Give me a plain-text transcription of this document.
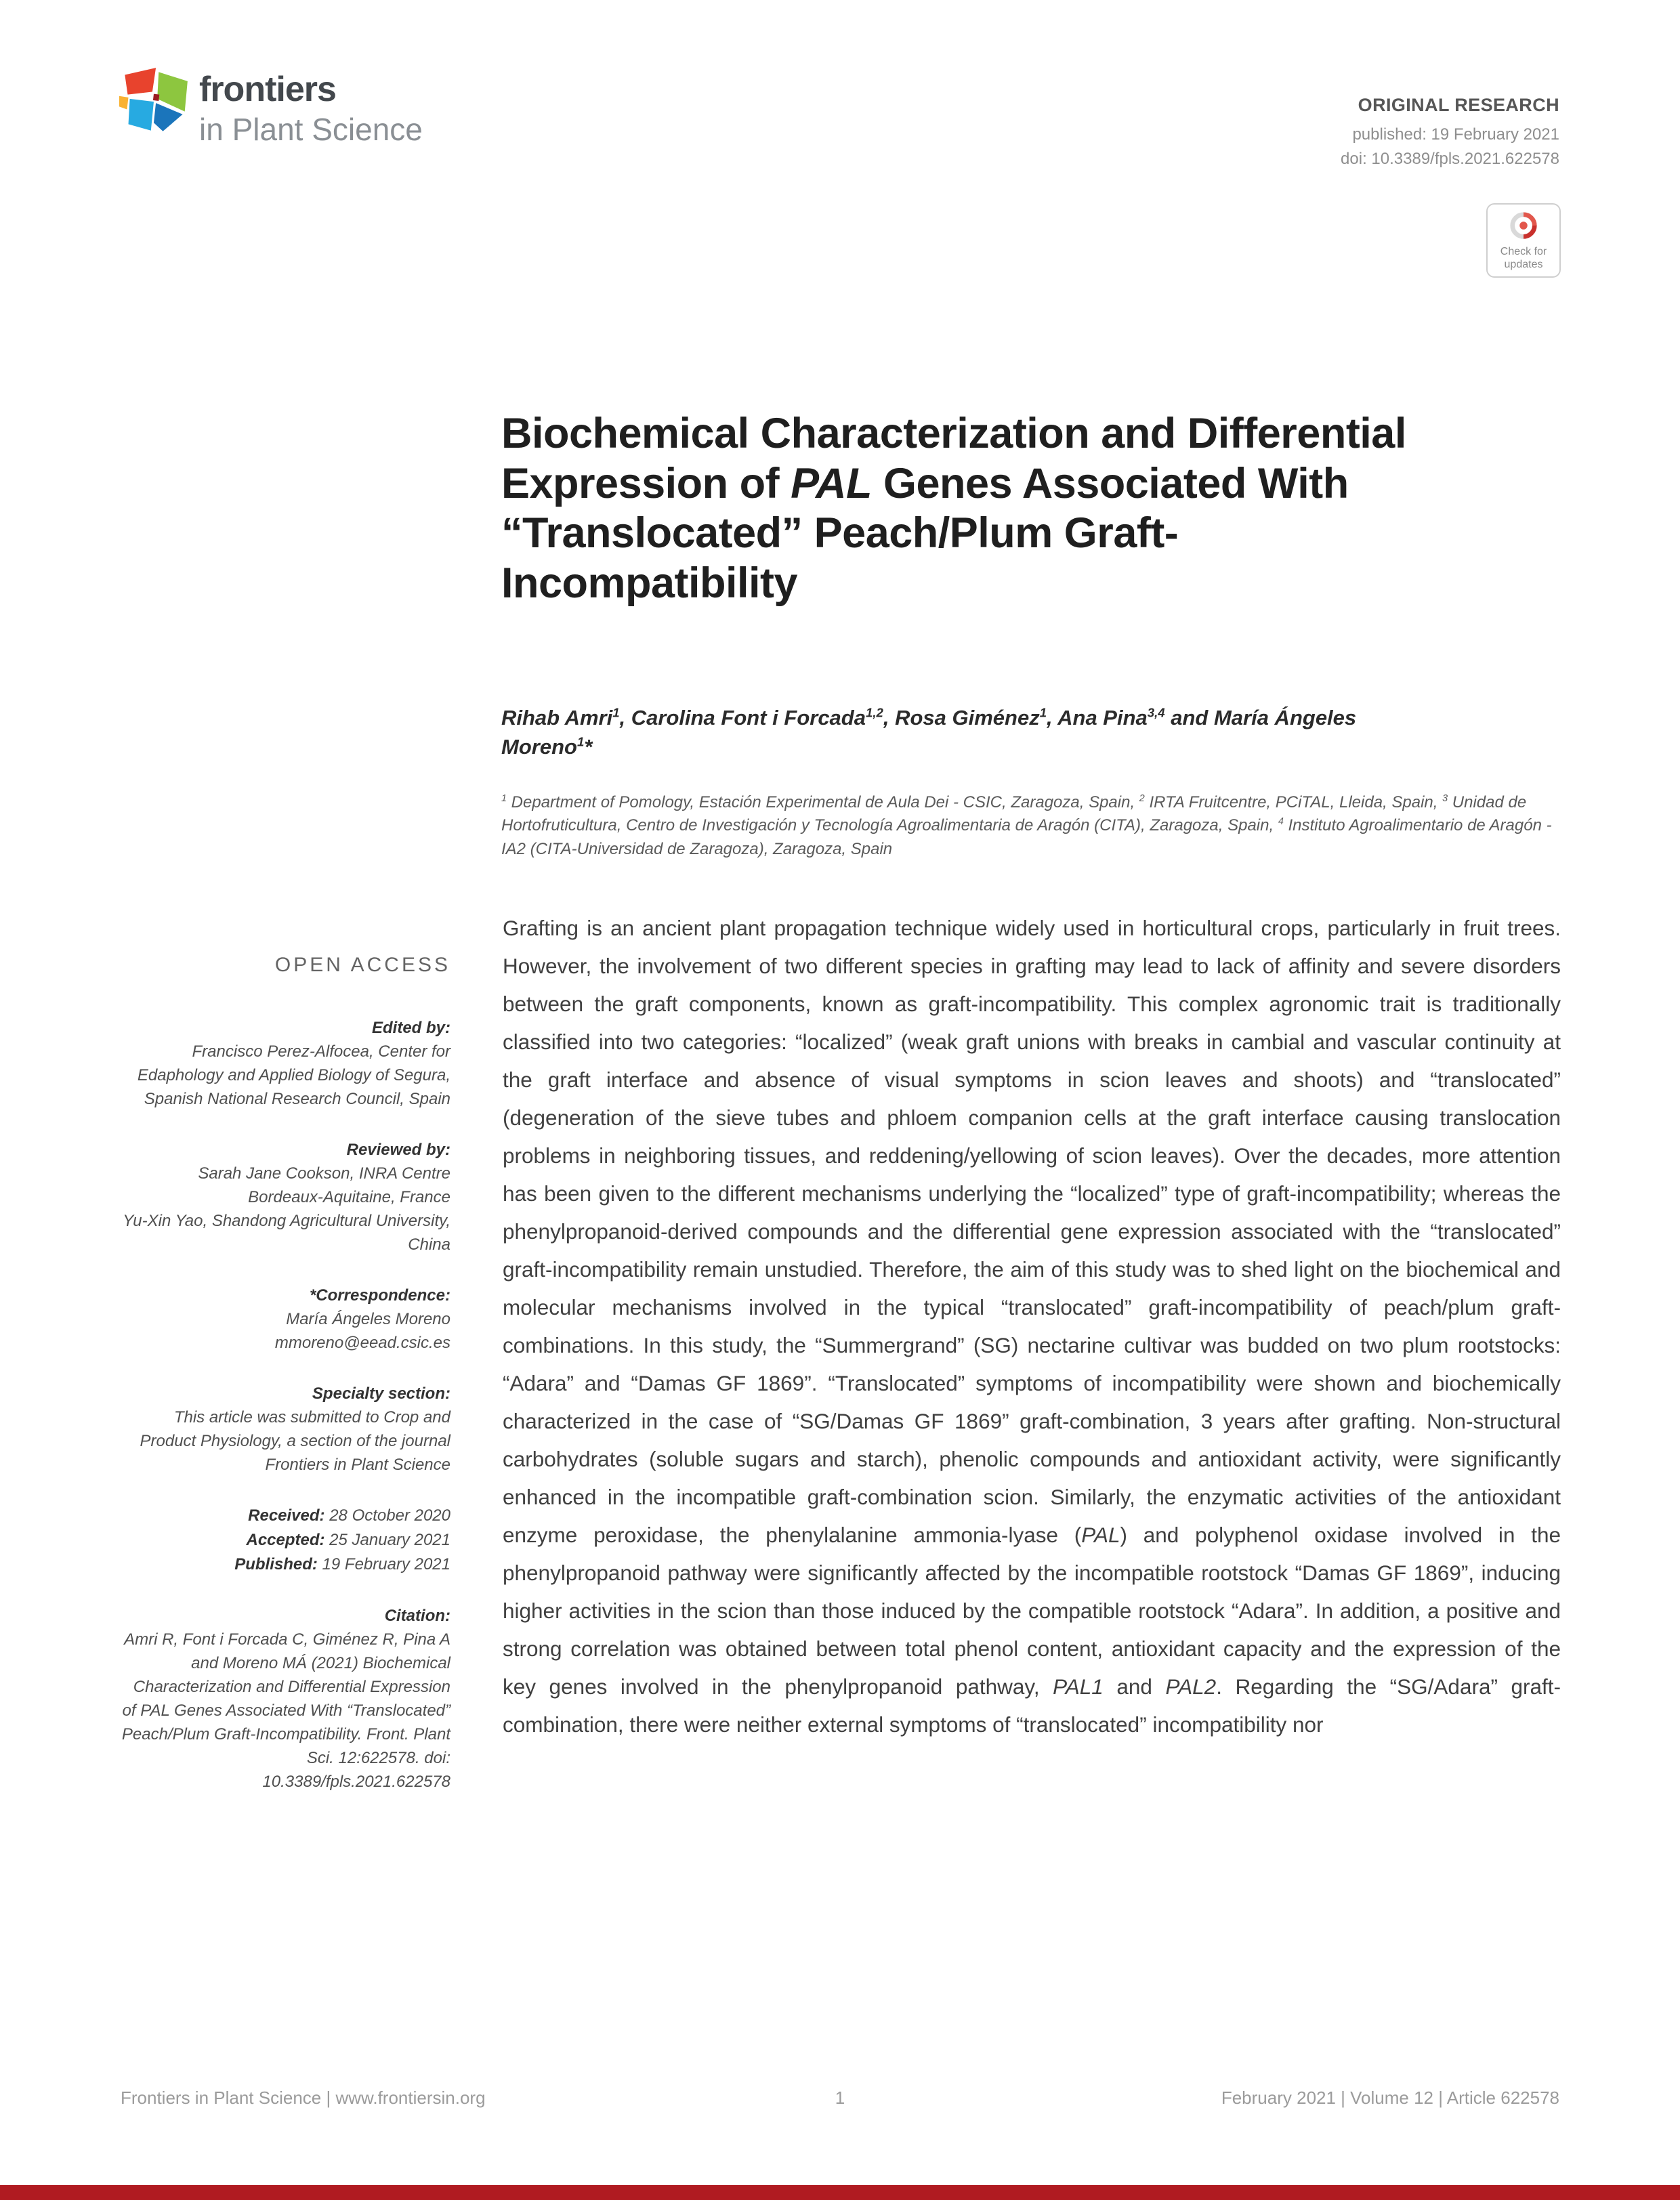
frontiers
in Plant Science
ORIGINAL RESEARCH
published: 19 February 2021
doi: 10.3389/fpls.2021.622578
Check for
updates
Biochemical Characterization and Differential Expression of PAL Genes Associated With “Translocated” Peach/Plum Graft-Incompatibility
Rihab Amri$^1$, Carolina Font i Forcada$^{1,2}$, Rosa Giménez$^1$, Ana Pina$^{3,4}$ and María Ángeles Moreno$^1$*
$^1$ Department of Pomology, Estación Experimental de Aula Dei - CSIC, Zaragoza, Spain, $^2$ IRTA Fruitcentre, PCiTAL, Lleida, Spain, $^3$ Unidad de Hortofruticultura, Centro de Investigación y Tecnología Agroalimentaria de Aragón (CITA), Zaragoza, Spain, $^4$ Instituto Agroalimentario de Aragón - IA2 (CITA-Universidad de Zaragoza), Zaragoza, Spain
OPEN ACCESS
Edited by:
Francisco Perez-Alfocea, Center for Edaphology and Applied Biology of Segura, Spanish National Research Council, Spain
Reviewed by:
Sarah Jane Cookson, INRA Centre Bordeaux-Aquitaine, France
Yu-Xin Yao, Shandong Agricultural University, China
*Correspondence:
María Ángeles Moreno
mmoreno@eead.csic.es
Specialty section:
This article was submitted to Crop and Product Physiology, a section of the journal Frontiers in Plant Science
Received: 28 October 2020
Accepted: 25 January 2021
Published: 19 February 2021
Citation:
Amri R, Font i Forcada C, Giménez R, Pina A and Moreno MÁ (2021) Biochemical Characterization and Differential Expression of PAL Genes Associated With “Translocated” Peach/Plum Graft-Incompatibility. Front. Plant Sci. 12:622578. doi: 10.3389/fpls.2021.622578

Grafting is an ancient plant propagation technique widely used in horticultural crops, particularly in fruit trees. However, the involvement of two different species in grafting may lead to lack of affinity and severe disorders between the graft components, known as graft-incompatibility. This complex agronomic trait is traditionally classified into two categories: “localized” (weak graft unions with breaks in cambial and vascular continuity at the graft interface and absence of visual symptoms in scion leaves and shoots) and “translocated” (degeneration of the sieve tubes and phloem companion cells at the graft interface causing translocation problems in neighboring tissues, and reddening/yellowing of scion leaves). Over the decades, more attention has been given to the different mechanisms underlying the “localized” type of graft-incompatibility; whereas the phenylpropanoid-derived compounds and the differential gene expression associated with the “translocated” graft-incompatibility remain unstudied. Therefore, the aim of this study was to shed light on the biochemical and molecular mechanisms involved in the typical “translocated” graft-incompatibility of peach/plum graft-combinations. In this study, the “Summergrand” (SG) nectarine cultivar was budded on two plum rootstocks: “Adara” and “Damas GF 1869”. “Translocated” symptoms of incompatibility were shown and biochemically characterized in the case of “SG/Damas GF 1869” graft-combination, 3 years after grafting. Non-structural carbohydrates (soluble sugars and starch), phenolic compounds and antioxidant activity, were significantly enhanced in the incompatible graft-combination scion. Similarly, the enzymatic activities of the antioxidant enzyme peroxidase, the phenylalanine ammonia-lyase (PAL) and polyphenol oxidase involved in the phenylpropanoid pathway were significantly affected by the incompatible rootstock “Damas GF 1869”, inducing higher activities in the scion than those induced by the compatible rootstock “Adara”. In addition, a positive and strong correlation was obtained between total phenol content, antioxidant capacity and the expression of the key genes involved in the phenylpropanoid pathway, PAL1 and PAL2. Regarding the “SG/Adara” graft-combination, there were neither external symptoms of “translocated” incompatibility nor

Frontiers in Plant Science | www.frontiersin.org	1	February 2021 | Volume 12 | Article 622578
